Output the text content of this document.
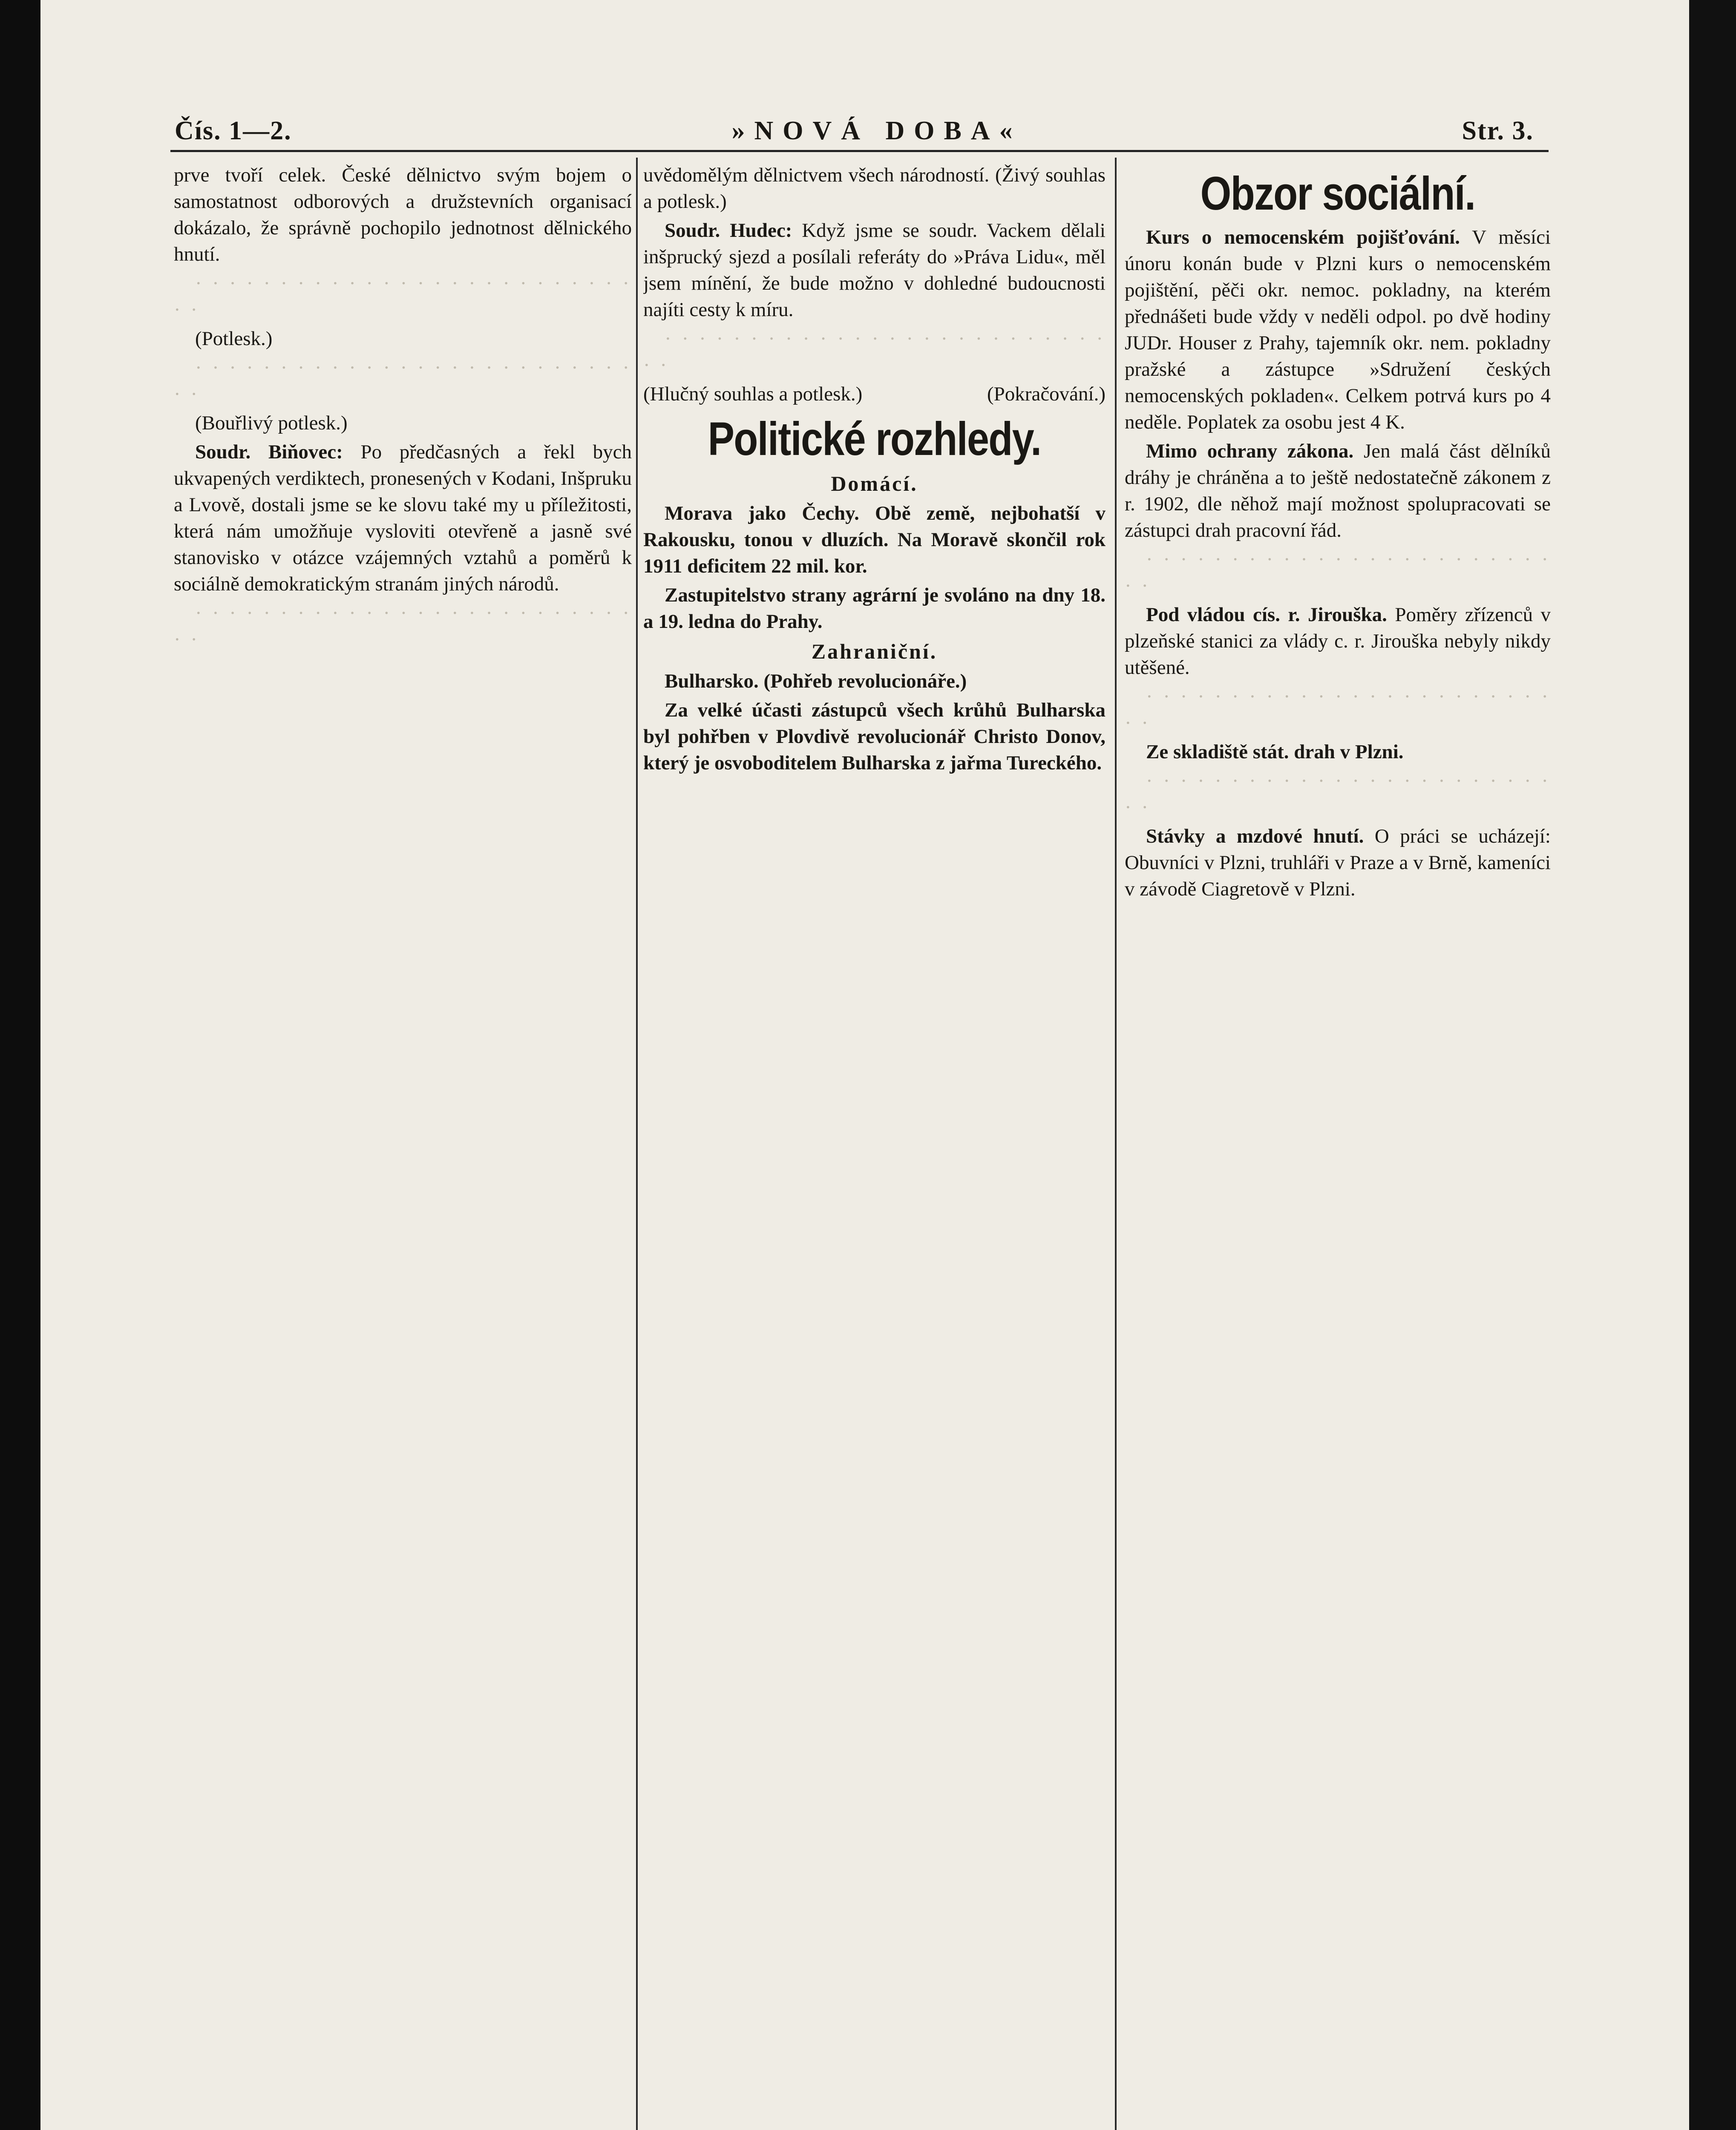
Čís. 1—2.	»NOVÁ DOBA«	Str. 3.

prve tvoří celek. České dělnictvo svým bojem o samostatnost odborových a družstevních organisací dokázalo, že správně pochopilo jednotnost dělnického hnutí.

· · · · · · · · · · · · · · · · · · · · · · · · · · · ·

(Potlesk.)

· · · · · · · · · · · · · · · · · · · · · · · · · · · ·

(Bouřlivý potlesk.)

Soudr. Biňovec: Po předčasných a řekl bych ukvapených verdiktech, pronesených v Kodani, Inšpruku a Lvově, dostali jsme se ke slovu také my u příležitosti, která nám umožňuje vysloviti otevřeně a jasně své stanovisko v otázce vzájemných vztahů a poměrů k sociálně demokratickým stranám jiných národů.

· · · · · · · · · · · · · · · · · · · · · · · · · · · ·

uvědomělým dělnictvem všech národností. (Živý souhlas a potlesk.)

Soudr. Hudec: Když jsme se soudr. Vackem dělali inšprucký sjezd a posílali referáty do »Práva Lidu«, měl jsem mínění, že bude možno v dohledné budoucnosti najíti cesty k míru.

· · · · · · · · · · · · · · · · · · · · · · · · · · · ·

(Hlučný souhlas a potlesk.)	(Pokračování.)

Politické rozhledy.
Domácí.

Morava jako Čechy. Obě země, nejbohatší v Rakousku, tonou v dluzích. Na Moravě skončil rok 1911 deficitem 22 mil. kor.

Zastupitelstvo strany agrární je svoláno na dny 18. a 19. ledna do Prahy.

Zahraniční.

Bulharsko. (Pohřeb revolucionáře.)

Za velké účasti zástupců všech krůhů Bulharska byl pohřben v Plovdivě revolucionář Christo Donov, který je osvoboditelem Bulharska z jařma Tureckého.

Obzor sociální.

Kurs o nemocenském pojišťování. V měsíci únoru konán bude v Plzni kurs o nemocenském pojištění, pěči okr. nemoc. pokladny, na kterém přednášeti bude vždy v neděli odpol. po dvě hodiny JUDr. Houser z Prahy, tajemník okr. nem. pokladny pražské a zástupce »Sdružení českých nemocenských pokladen«. Celkem potrvá kurs po 4 neděle. Poplatek za osobu jest 4 K.

Mimo ochrany zákona. Jen malá část dělníků dráhy je chráněna a to ještě nedostatečně zákonem z r. 1902, dle něhož mají možnost spolupracovati se zástupci drah pracovní řád.

· · · · · · · · · · · · · · · · · · · · · · · · · ·

Pod vládou cís. r. Jirouška. Poměry zřízenců v plzeňské stanici za vlády c. r. Jirouška nebyly nikdy utěšené.

· · · · · · · · · · · · · · · · · · · · · · · · · ·

Ze skladiště stát. drah v Plzni.

· · · · · · · · · · · · · · · · · · · · · · · · · ·

Stávky a mzdové hnutí. O práci se ucházejí: Obuvníci v Plzni, truhláři v Praze a v Brně, kameníci v závodě Ciagretově v Plzni.
